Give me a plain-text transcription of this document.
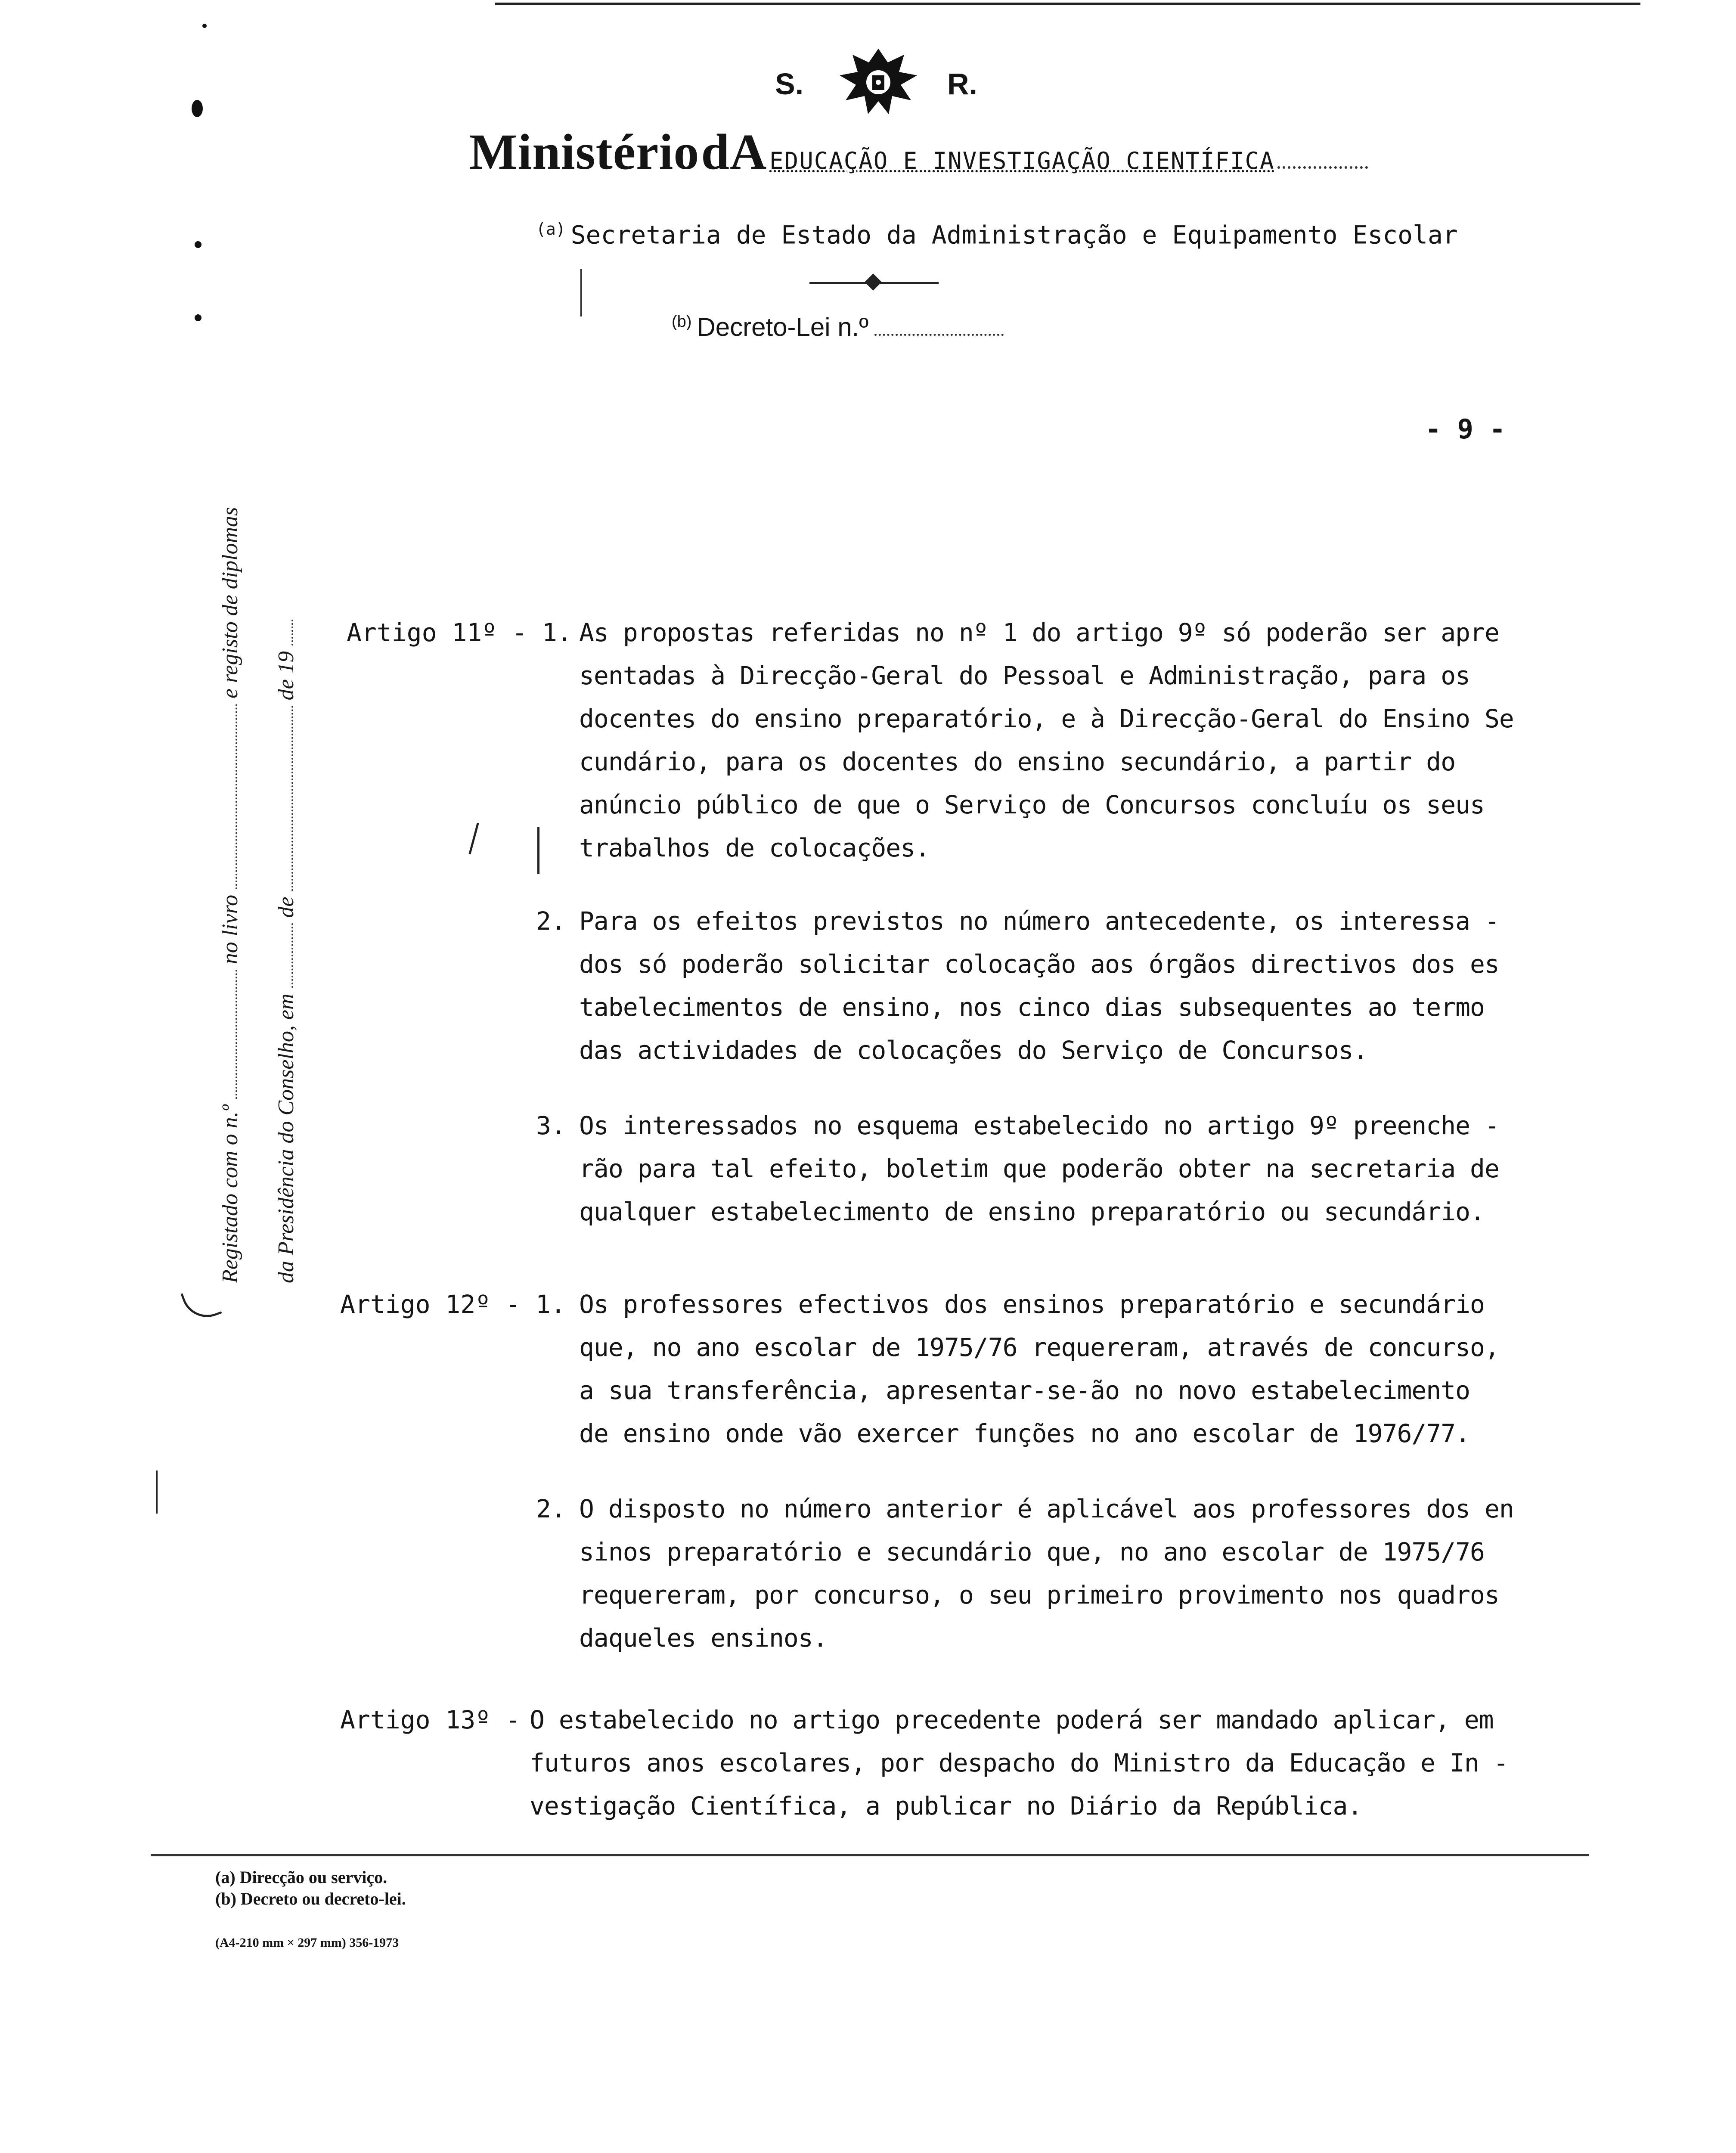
S.	R.
Ministério dA EDUCAÇÃO E INVESTIGAÇÃO CIENTÍFICA
$^{(a)}$ Secretaria de Estado da Administração e Equipamento Escolar
$^{(b)}$ Decreto-Lei n.º
- 9 -
Registado com o n.º  no livro  e registo de diplomas
da Presidência do Conselho, em  de  de 19
Artigo 11º - 1. As propostas referidas no nº 1 do artigo 9º só poderão ser apre
sentadas à Direcção-Geral do Pessoal e Administração, para os
docentes do ensino preparatório, e à Direcção-Geral do Ensino Se
cundário, para os docentes do ensino secundário, a partir do
anúncio público de que o Serviço de Concursos concluíu os seus
trabalhos de colocações.
2. Para os efeitos previstos no número antecedente, os interessa -
dos só poderão solicitar colocação aos órgãos directivos dos es
tabelecimentos de ensino, nos cinco dias subsequentes ao termo
das actividades de colocações do Serviço de Concursos.
3. Os interessados no esquema estabelecido no artigo 9º preenche -
rão para tal efeito, boletim que poderão obter na secretaria de
qualquer estabelecimento de ensino preparatório ou secundário.
Artigo 12º - 1. Os professores efectivos dos ensinos preparatório e secundário
que, no ano escolar de 1975/76 requereram, através de concurso,
a sua transferência, apresentar-se-ão no novo estabelecimento
de ensino onde vão exercer funções no ano escolar de 1976/77.
2. O disposto no número anterior é aplicável aos professores dos en
sinos preparatório e secundário que, no ano escolar de 1975/76
requereram, por concurso, o seu primeiro provimento nos quadros
daqueles ensinos.
Artigo 13º - O estabelecido no artigo precedente poderá ser mandado aplicar, em
futuros anos escolares, por despacho do Ministro da Educação e In -
vestigação Científica, a publicar no Diário da República.
(a) Direcção ou serviço.
(b) Decreto ou decreto-lei.
(A4-210 mm × 297 mm) 356-1973
